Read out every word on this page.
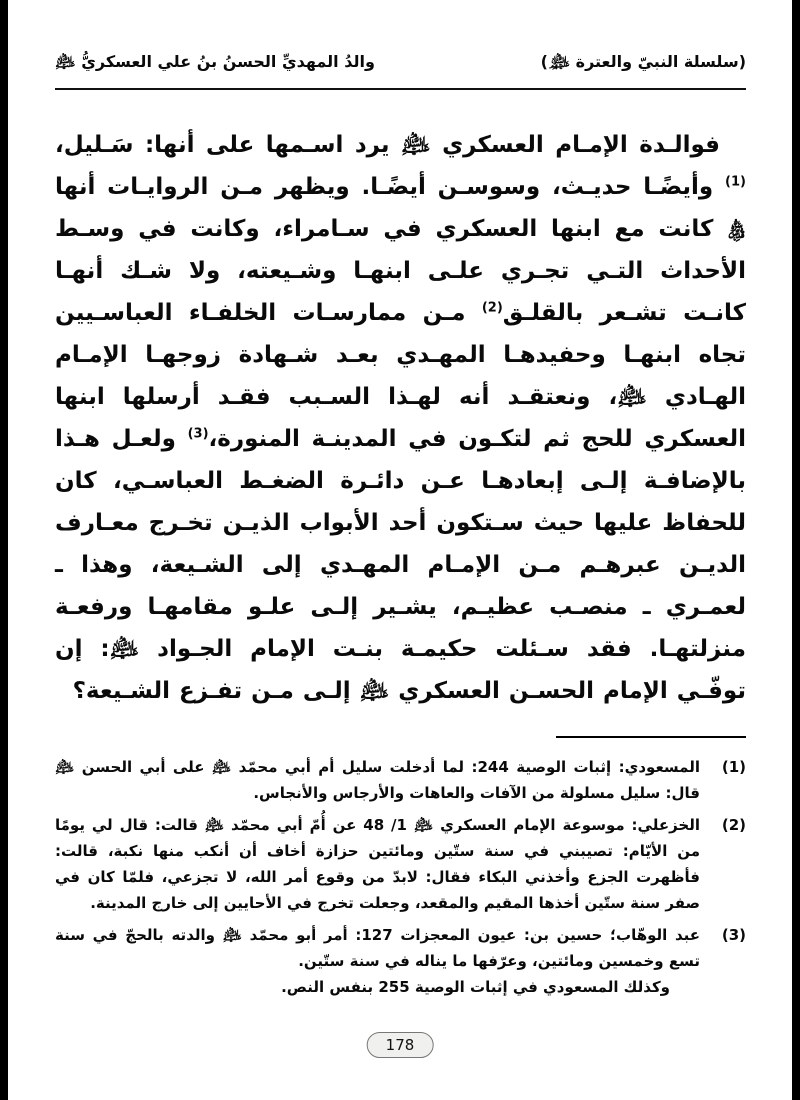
(سلسلة النبيّ والعترة ﵈)
والدُ المهديِّ الحسنُ بنُ علي العسكريُّ ﵇

فوالـدة الإمـام العسكري ﵇ يرد اسـمها على أنها: سَـليل،$^{(1)}$ وأيضًـا حديـث، وسوسـن أيضًـا. ويظهر مـن الروايـات أنها ﵋ كانت مع ابنها العسكري في سـامراء، وكانت في وسـط الأحداث التـي تجـري علـى ابنهـا وشـيعته، ولا شـك أنهـا كانـت تشـعر بالقلـق$^{(2)}$ مـن ممارسـات الخلفـاء العباسـيين تجاه ابنهـا وحفيدهـا المهـدي بعـد شـهادة زوجهـا الإمـام الهـادي ﵇، ونعتقـد أنه لهـذا السـبب فقـد أرسلها ابنها العسكري للحج ثم لتكـون في المدينـة المنورة،$^{(3)}$ ولعـل هـذا بالإضافـة إلـى إبعادهـا عـن دائـرة الضغـط العباسـي، كان للحفاظ عليها حيث سـتكون أحد الأبواب الذيـن تخـرج معـارف الديـن عبرهـم مـن الإمـام المهـدي إلى الشـيعة، وهذا ـ لعمـري ـ منصـب عظيـم، يشـير إلـى علـو مقامهـا ورفعـة منزلتهـا. فقد سـئلت حكيمـة بنـت الإمام الجـواد ﵇: إن توفّـي الإمام الحسـن العسكري ﵇ إلـى مـن تفـزع الشـيعة؟

(1)
المسعودي: إثبات الوصية 244: لما أدخلت سليل أم أبي محمّد ﵇ على أبي الحسن ﵇ قال: سليل مسلولة من الآفات والعاهات والأرجاس والأنجاس.
(2)
الخزعلي: موسوعة الإمام العسكري ﵇ 1/ 48 عن أُمّ أبي محمّد ﵇ قالت: قال لي يومًا من الأيّام: تصيبني في سنة ستّين ومائتين حزازة أخاف أن أنكب منها نكبة، قالت: فأظهرت الجزع وأخذني البكاء فقال: لابدّ من وقوع أمر الله، لا تجزعي، فلمّا كان في صفر سنة ستّين أخذها المقيم والمقعد، وجعلت تخرج في الأحايين إلى خارج المدينة.
(3)
عبد الوهّاب؛ حسين بن: عيون المعجزات 127: أمر أبو محمّد ﵇ والدته بالحجّ في سنة تسع وخمسين ومائتين، وعرّفها ما يناله في سنة ستّين.
وكذلك المسعودي في إثبات الوصية 255 بنفس النص.
178
